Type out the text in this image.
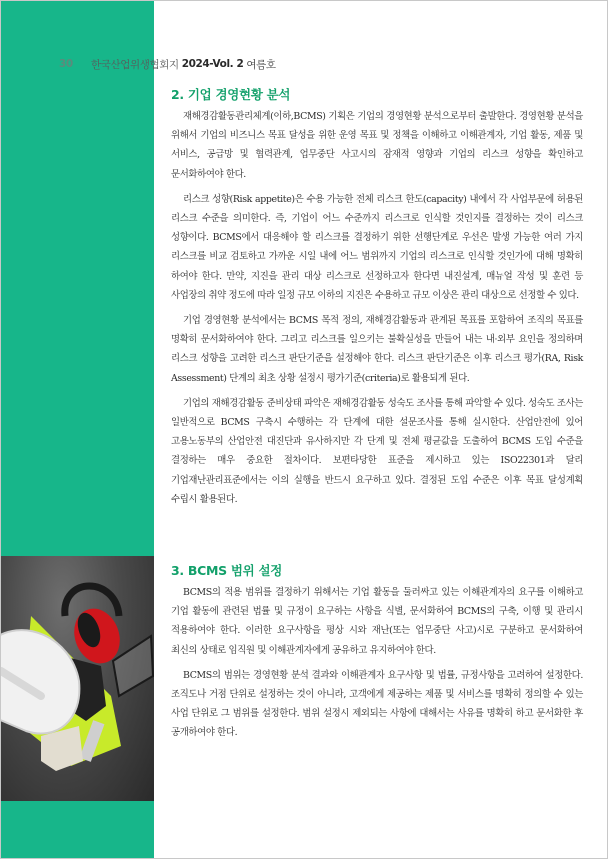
30	한국산업위생협회지 2024-Vol. 2 여름호
2. 기업 경영현황 분석

재해경감활동관리체계(이하,BCMS) 기획은 기업의 경영현황 분석으로부터 출발한다. 경영현황 분석을 위해서 기업의 비즈니스 목표 달성을 위한 운영 목표 및 정책을 이해하고 이해관계자, 기업 활동, 제품 및 서비스, 공급망 및 협력관계, 업무중단 사고시의 잠재적 영향과 기업의 리스크 성향을 확인하고 문서화하여야 한다.

리스크 성향(Risk appetite)은 수용 가능한 전체 리스크 한도(capacity) 내에서 각 사업부문에 허용된 리스크 수준을 의미한다. 즉, 기업이 어느 수준까지 리스크로 인식할 것인지를 결정하는 것이 리스크 성향이다. BCMS에서 대응해야 할 리스크를 결정하기 위한 선행단계로 우선은 발생 가능한 여러 가지 리스크를 비교 검토하고 가까운 시일 내에 어느 범위까지 기업의 리스크로 인식할 것인가에 대해 명확히 하여야 한다. 만약, 지진을 관리 대상 리스크로 선정하고자 한다면 내진설계, 매뉴얼 작성 및 훈련 등 사업장의 취약 정도에 따라 일정 규모 이하의 지진은 수용하고 규모 이상은 관리 대상으로 선정할 수 있다.

기업 경영현황 분석에서는 BCMS 목적 정의, 재해경감활동과 관계된 목표를 포함하여 조직의 목표를 명확히 문서화하여야 한다. 그리고 리스크를 일으키는 불확실성을 만들어 내는 내·외부 요인을 정의하며 리스크 성향을 고려한 리스크 판단기준을 설정해야 한다. 리스크 판단기준은 이후 리스크 평가(RA, Risk Assessment) 단계의 최초 상황 설정시 평가기준(criteria)로 활용되게 된다.

기업의 재해경감활동 준비상태 파악은 재해경감활동 성숙도 조사를 통해 파악할 수 있다. 성숙도 조사는 일반적으로 BCMS 구축시 수행하는 각 단계에 대한 설문조사를 통해 실시한다. 산업안전에 있어 고용노동부의 산업안전 대진단과 유사하지만 각 단계 및 전체 평균값을 도출하여 BCMS 도입 수준을 결정하는 매우 중요한 절차이다. 보편타당한 표준을 제시하고 있는 ISO22301과 달리 기업재난관리표준에서는 이의 실행을 반드시 요구하고 있다. 결정된 도입 수준은 이후 목표 달성계획 수립시 활용된다.

3. BCMS 범위 설정

BCMS의 적용 범위를 결정하기 위해서는 기업 활동을 둘러싸고 있는 이해관계자의 요구를 이해하고 기업 활동에 관련된 법률 및 규정이 요구하는 사항을 식별, 문서화하여 BCMS의 구축, 이행 및 관리시 적용하여야 한다. 이러한 요구사항을 평상 시와 재난(또는 업무중단 사고)시로 구분하고 문서화하여 최신의 상태로 임직원 및 이해관계자에게 공유하고 유지하여야 한다.

BCMS의 범위는 경영현황 분석 결과와 이해관계자 요구사항 및 법률, 규정사항을 고려하여 설정한다. 조직도나 거점 단위로 설정하는 것이 아니라, 고객에게 제공하는 제품 및 서비스를 명확히 정의할 수 있는 사업 단위로 그 범위를 설정한다. 범위 설정시 제외되는 사항에 대해서는 사유를 명확히 하고 문서화한 후 공개하여야 한다.
